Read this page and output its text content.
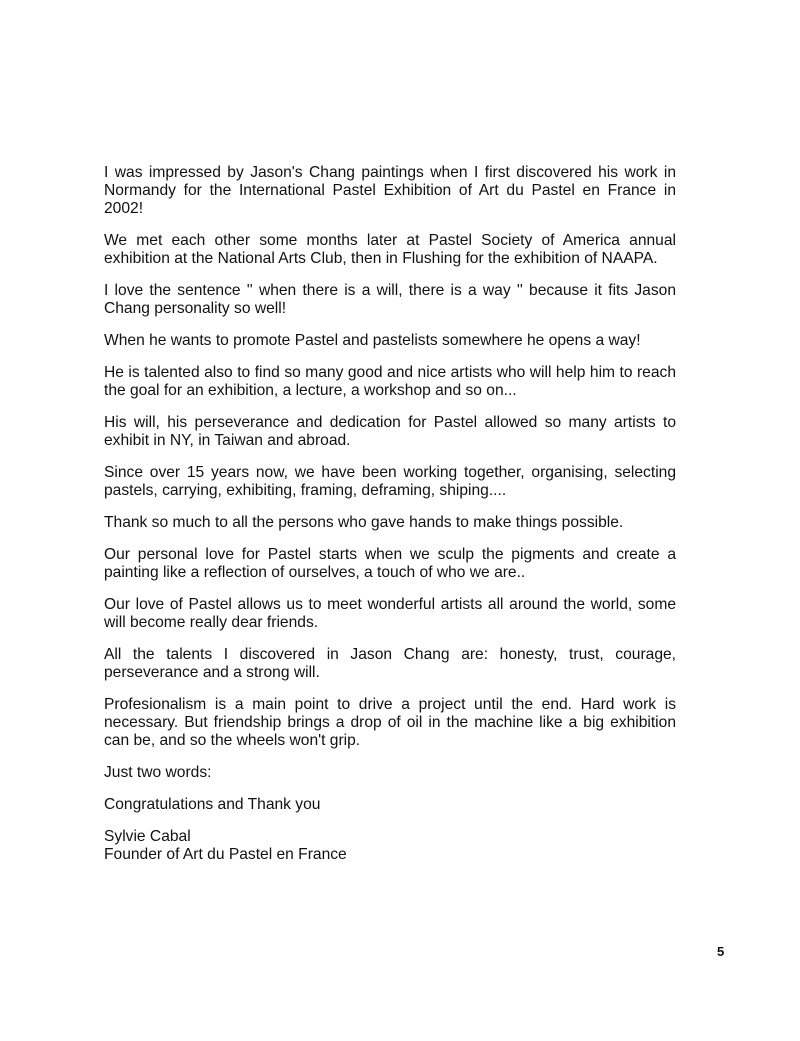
I was impressed by Jason's Chang paintings when I first discovered his work in Normandy for the International Pastel Exhibition of Art du Pastel en France in 2002!

We met each other some months later at Pastel Society of America annual exhibition at the National Arts Club, then in Flushing for the exhibition of NAAPA.

I love the sentence '' when there is a will, there is a way '' because it fits Jason Chang personality so well!

When he wants to promote Pastel and pastelists somewhere he opens a way!

He is talented also to find so many good and nice artists who will help him to reach the goal for an exhibition, a lecture, a workshop and so on...

His will, his perseverance and dedication for Pastel allowed so many artists to exhibit in NY, in Taiwan and abroad.

Since over 15 years now, we have been working together, organising, selecting pastels, carrying, exhibiting, framing, deframing, shiping....

Thank so much to all the persons who gave hands to make things possible.

Our personal love for Pastel starts when we sculp the pigments and create a painting like a reflection of ourselves, a touch of who we are..

Our love of Pastel allows us to meet wonderful artists all around the world, some will become really dear friends.

All the talents I discovered in Jason Chang are: honesty, trust, courage, perseverance and a strong will.

Profesionalism is a main point to drive a project until the end. Hard work is necessary. But friendship brings a drop of oil in the machine like a big exhibition can be, and so the wheels won't grip.

Just two words:

Congratulations and Thank you

Sylvie Cabal
Founder of Art du Pastel en France

5
